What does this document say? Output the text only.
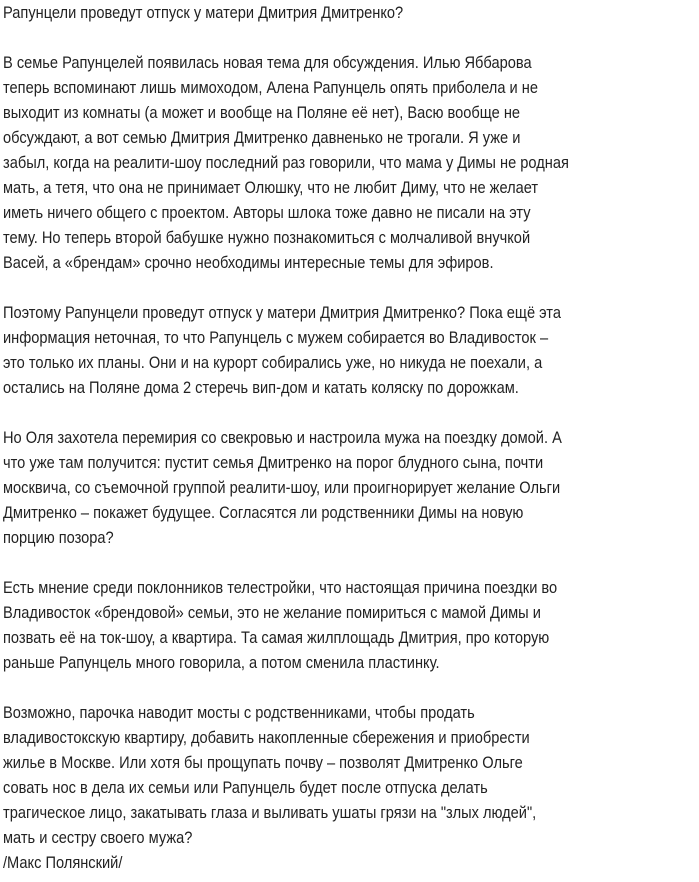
Рапунцели проведут отпуск у матери Дмитрия Дмитренко?
В семье Рапунцелей появилась новая тема для обсуждения. Илью Яббарова
теперь вспоминают лишь мимоходом, Алена Рапунцель опять приболела и не
выходит из комнаты (а может и вообще на Поляне её нет), Васю вообще не
обсуждают, а вот семью Дмитрия Дмитренко давненько не трогали. Я уже и
забыл, когда на реалити-шоу последний раз говорили, что мама у Димы не родная
мать, а тетя, что она не принимает Олюшку, что не любит Диму, что не желает
иметь ничего общего с проектом. Авторы шлока тоже давно не писали на эту
тему. Но теперь второй бабушке нужно познакомиться с молчаливой внучкой
Васей, а «брендам» срочно необходимы интересные темы для эфиров.
Поэтому Рапунцели проведут отпуск у матери Дмитрия Дмитренко? Пока ещё эта
информация неточная, то что Рапунцель с мужем собирается во Владивосток –
это только их планы. Они и на курорт собирались уже, но никуда не поехали, а
остались на Поляне дома 2 стеречь вип-дом и катать коляску по дорожкам.
Но Оля захотела перемирия со свекровью и настроила мужа на поездку домой. А
что уже там получится: пустит семья Дмитренко на порог блудного сына, почти
москвича, со съемочной группой реалити-шоу, или проигнорирует желание Ольги
Дмитренко – покажет будущее. Согласятся ли родственники Димы на новую
порцию позора?
Есть мнение среди поклонников телестройки, что настоящая причина поездки во
Владивосток «брендовой» семьи, это не желание помириться с мамой Димы и
позвать её на ток-шоу, а квартира. Та самая жилплощадь Дмитрия, про которую
раньше Рапунцель много говорила, а потом сменила пластинку.
Возможно, парочка наводит мосты с родственниками, чтобы продать
владивостокскую квартиру, добавить накопленные сбережения и приобрести
жилье в Москве. Или хотя бы прощупать почву – позволят Дмитренко Ольге
совать нос в дела их семьи или Рапунцель будет после отпуска делать
трагическое лицо, закатывать глаза и выливать ушаты грязи на "злых людей",
мать и сестру своего мужа?
/Макс Полянский/
